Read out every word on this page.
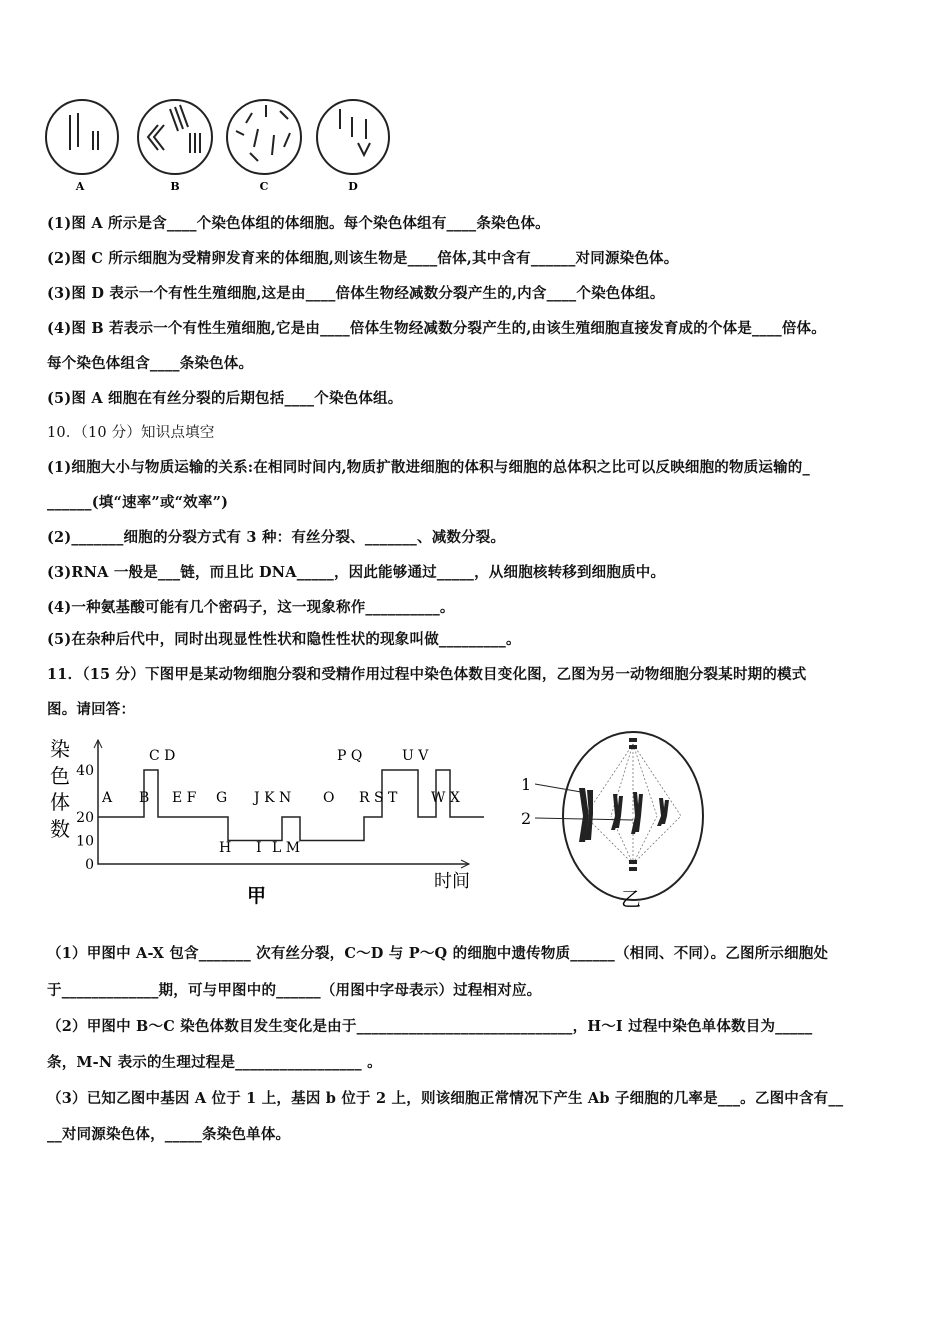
A	B	C	D
(1)图 A 所示是含____个染色体组的体细胞。每个染色体组有____条染色体。
(2)图 C 所示细胞为受精卵发育来的体细胞,则该生物是____倍体,其中含有______对同源染色体。
(3)图 D 表示一个有性生殖细胞,这是由____倍体生物经减数分裂产生的,内含____个染色体组。
(4)图 B 若表示一个有性生殖细胞,它是由____倍体生物经减数分裂产生的,由该生殖细胞直接发育成的个体是____倍体。
每个染色体组含____条染色体。
(5)图 A 细胞在有丝分裂的后期包括____个染色体组。
10．（10 分）知识点填空
(1)细胞大小与物质运输的关系:在相同时间内,物质扩散进细胞的体积与细胞的总体积之比可以反映细胞的物质运输的_
______(填“速率”或“效率”)
(2)_______细胞的分裂方式有 3 种：有丝分裂、_______、减数分裂。
(3)RNA 一般是___链，而且比 DNA_____，因此能够通过_____，从细胞核转移到细胞质中。
(4)一种氨基酸可能有几个密码子，这一现象称作__________。
(5)在杂种后代中，同时出现显性性状和隐性性状的现象叫做_________。
11．（15 分）下图甲是某动物细胞分裂和受精作用过程中染色体数目变化图，乙图为另一动物细胞分裂某时期的模式
图。请回答：
染
色
体
数
0
10
20
40
A B
C D
E F G
H I
J K N
L M
O
P Q
R S T
U V
W X
时间
甲
1
2
乙
（1）甲图中 A-X 包含_______ 次有丝分裂，C～D 与 P～Q 的细胞中遗传物质______（相同、不同）。乙图所示细胞处
于_____________期，可与甲图中的______（用图中字母表示）过程相对应。
（2）甲图中 B～C 染色体数目发生变化是由于_____________________________，H～I 过程中染色单体数目为_____
条，M-N 表示的生理过程是_________________ 。
（3）已知乙图中基因 A 位于 1 上，基因 b 位于 2 上，则该细胞正常情况下产生 Ab 子细胞的几率是___。乙图中含有__
__对同源染色体，_____条染色单体。
